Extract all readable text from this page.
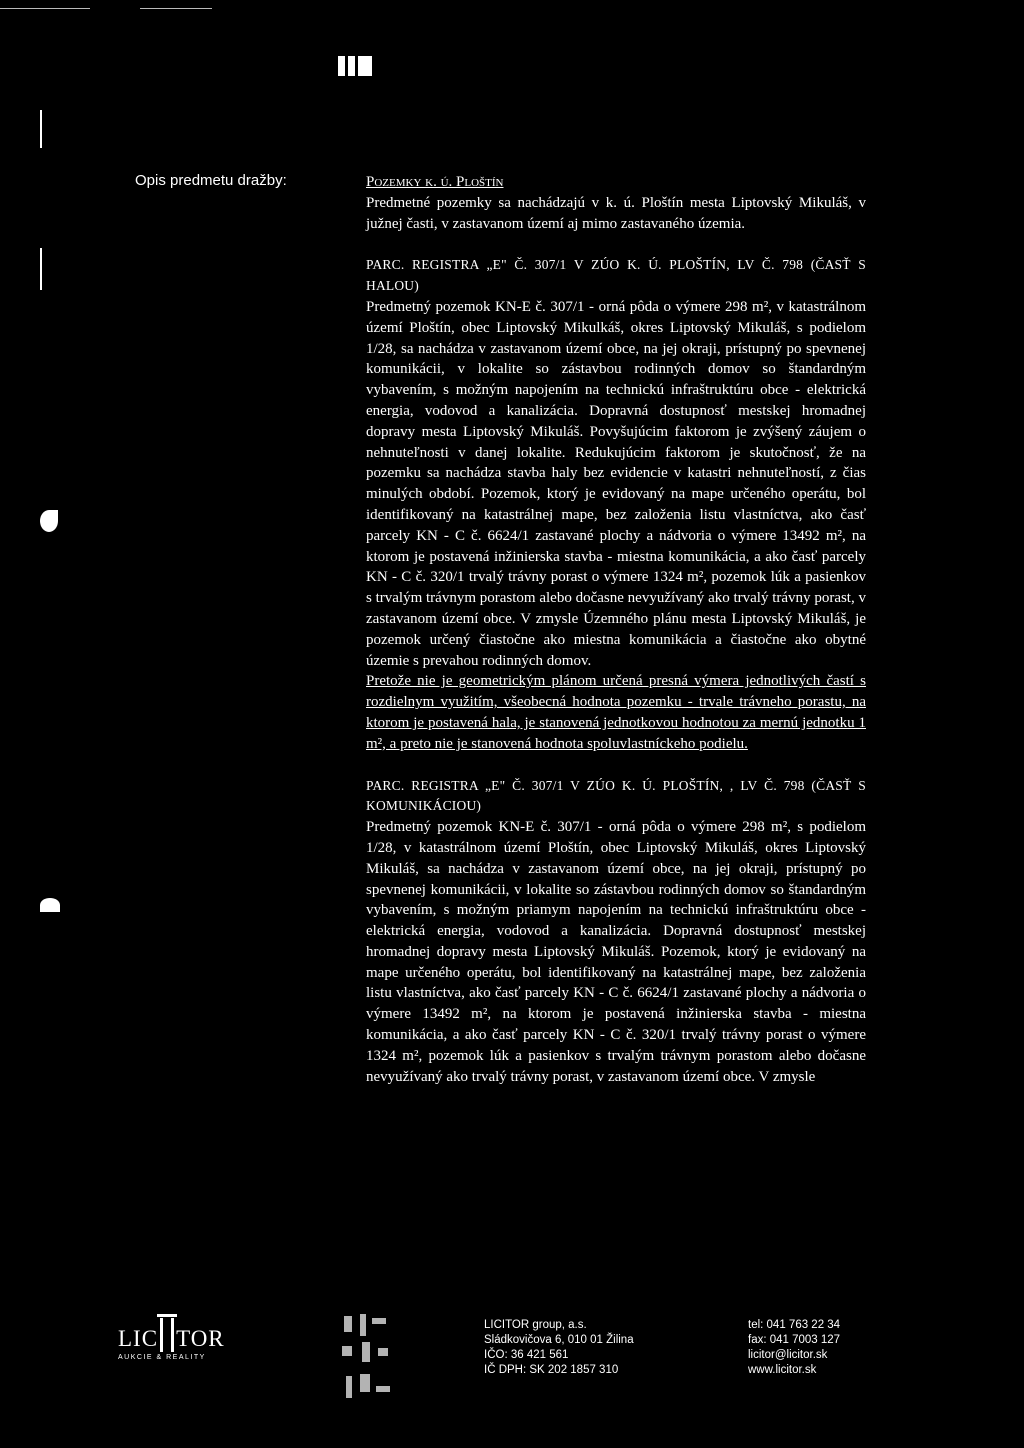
Opis predmetu dražby:	Pozemky k. ú. Ploštín

Predmetné pozemky sa nachádzajú v k. ú. Ploštín mesta Liptovský Mikuláš, v južnej časti, v zastavanom území aj mimo zastavaného územia.

PARC. REGISTRA „E" Č. 307/1 V ZÚO K. Ú. PLOŠTÍN, LV Č. 798 (ČASŤ S HALOU)

Predmetný pozemok KN-E č. 307/1 - orná pôda o výmere 298 m², v katastrálnom území Ploštín, obec Liptovský Mikulkáš, okres Liptovský Mikuláš, s podielom 1/28, sa nachádza v zastavanom území obce, na jej okraji, prístupný po spevnenej komunikácii, v lokalite so zástavbou rodinných domov so štandardným vybavením, s možným napojením na technickú infraštruktúru obce - elektrická energia, vodovod a kanalizácia. Dopravná dostupnosť mestskej hromadnej dopravy mesta Liptovský Mikuláš. Povyšujúcim faktorom je zvýšený záujem o nehnuteľnosti v danej lokalite. Redukujúcim faktorom je skutočnosť, že na pozemku sa nachádza stavba haly bez evidencie v katastri nehnuteľností, z čias minulých období. Pozemok, ktorý je evidovaný na mape určeného operátu, bol identifikovaný na katastrálnej mape, bez založenia listu vlastníctva, ako časť parcely KN - C č. 6624/1 zastavané plochy a nádvoria o výmere 13492 m², na ktorom je postavená inžinierska stavba - miestna komunikácia, a ako časť parcely KN - C č. 320/1 trvalý trávny porast o výmere 1324 m², pozemok lúk a pasienkov s trvalým trávnym porastom alebo dočasne nevyužívaný ako trvalý trávny porast, v zastavanom území obce. V zmysle Územného plánu mesta Liptovský Mikuláš, je pozemok určený čiastočne ako miestna komunikácia a čiastočne ako obytné územie s prevahou rodinných domov.

Pretože nie je geometrickým plánom určená presná výmera jednotlivých častí s rozdielnym využitím, všeobecná hodnota pozemku - trvale trávneho porastu, na ktorom je postavená hala, je stanovená jednotkovou hodnotou za mernú jednotku 1 m², a preto nie je stanovená hodnota spoluvlastníckeho podielu.

PARC. REGISTRA „E" Č. 307/1 V ZÚO K. Ú. PLOŠTÍN, , LV Č. 798 (ČASŤ S KOMUNIKÁCIOU)

Predmetný pozemok KN-E č. 307/1 - orná pôda o výmere 298 m², s podielom 1/28, v katastrálnom území Ploštín, obec Liptovský Mikuláš, okres Liptovský Mikuláš, sa nachádza v zastavanom území obce, na jej okraji, prístupný po spevnenej komunikácii, v lokalite so zástavbou rodinných domov so štandardným vybavením, s možným priamym napojením na technickú infraštruktúru obce - elektrická energia, vodovod a kanalizácia. Dopravná dostupnosť mestskej hromadnej dopravy mesta Liptovský Mikuláš. Pozemok, ktorý je evidovaný na mape určeného operátu, bol identifikovaný na katastrálnej mape, bez založenia listu vlastníctva, ako časť parcely KN - C č. 6624/1 zastavané plochy a nádvoria o výmere 13492 m², na ktorom je postavená inžinierska stavba - miestna komunikácia, a ako časť parcely KN - C č. 320/1 trvalý trávny porast o výmere 1324 m², pozemok lúk a pasienkov s trvalým trávnym porastom alebo dočasne nevyužívaný ako trvalý trávny porast, v zastavanom území obce. V zmysle

LIC TOR
AUKCIE & REALITY
LICITOR group, a.s.
Sládkovičova 6, 010 01 Žilina
IČO: 36 421 561
IČ DPH: SK 202 1857 310
tel: 041 763 22 34
fax: 041 7003 127
licitor@licitor.sk
www.licitor.sk
